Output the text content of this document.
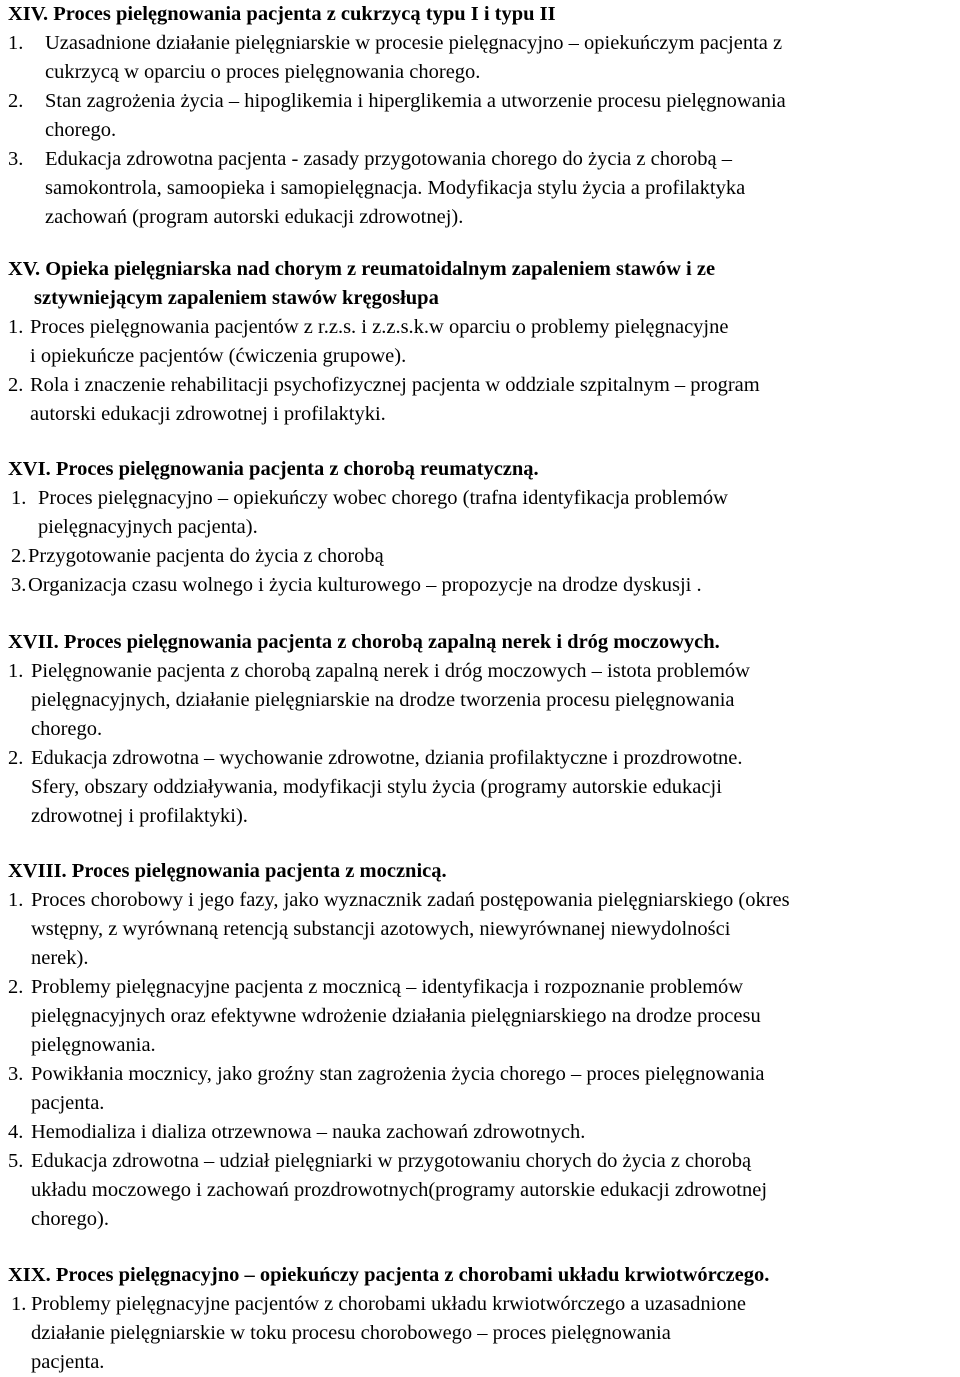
XIV. Proces pielęgnowania pacjenta z cukrzycą typu I i typu II
1.	Uzasadnione działanie pielęgniarskie w procesie pielęgnacyjno – opiekuńczym pacjenta z
cukrzycą w oparciu o proces pielęgnowania chorego.
2.	Stan zagrożenia życia – hipoglikemia i hiperglikemia a utworzenie procesu pielęgnowania
chorego.
3.	Edukacja zdrowotna pacjenta - zasady przygotowania chorego do życia z chorobą –
samokontrola, samoopieka i samopielęgnacja. Modyfikacja stylu życia a profilaktyka
zachowań (program autorski edukacji zdrowotnej).
XV. Opieka pielęgniarska nad chorym z reumatoidalnym zapaleniem stawów i ze
sztywniejącym zapaleniem stawów kręgosłupa
1. Proces pielęgnowania pacjentów z r.z.s. i z.z.s.k.w oparciu o problemy pielęgnacyjne
i opiekuńcze pacjentów (ćwiczenia grupowe).
2. Rola i znaczenie rehabilitacji psychofizycznej pacjenta w oddziale szpitalnym – program
autorski edukacji zdrowotnej i profilaktyki.
XVI. Proces pielęgnowania pacjenta z chorobą reumatyczną.
1. Proces pielęgnacyjno – opiekuńczy wobec chorego (trafna identyfikacja problemów
pielęgnacyjnych pacjenta).
2. Przygotowanie pacjenta do życia z chorobą
3. Organizacja czasu wolnego i życia kulturowego – propozycje na drodze dyskusji .
XVII. Proces pielęgnowania pacjenta z chorobą zapalną nerek i dróg moczowych.
1. Pielęgnowanie pacjenta z chorobą zapalną nerek i dróg moczowych – istota problemów
pielęgnacyjnych, działanie pielęgniarskie na drodze tworzenia procesu pielęgnowania
chorego.
2. Edukacja zdrowotna – wychowanie zdrowotne, dziania profilaktyczne i prozdrowotne.
Sfery, obszary oddziaływania, modyfikacji stylu życia (programy autorskie edukacji
zdrowotnej i profilaktyki).
XVIII. Proces pielęgnowania pacjenta z mocznicą.
1. Proces chorobowy i jego fazy, jako wyznacznik zadań postępowania pielęgniarskiego (okres
wstępny, z wyrównaną retencją substancji azotowych, niewyrównanej niewydolności
nerek).
2. Problemy pielęgnacyjne pacjenta z mocznicą – identyfikacja i rozpoznanie problemów
pielęgnacyjnych oraz efektywne wdrożenie działania pielęgniarskiego na drodze procesu
pielęgnowania.
3. Powikłania mocznicy, jako groźny stan zagrożenia życia chorego – proces pielęgnowania
pacjenta.
4. Hemodializa i dializa otrzewnowa – nauka zachowań zdrowotnych.
5. Edukacja zdrowotna – udział pielęgniarki w przygotowaniu chorych do życia z chorobą
układu moczowego i zachowań prozdrowotnych(programy autorskie edukacji zdrowotnej
chorego).
XIX. Proces pielęgnacyjno – opiekuńczy pacjenta z chorobami układu krwiotwórczego.
1. Problemy pielęgnacyjne pacjentów z chorobami układu krwiotwórczego a uzasadnione
działanie pielęgniarskie w toku procesu chorobowego – proces pielęgnowania
pacjenta.
